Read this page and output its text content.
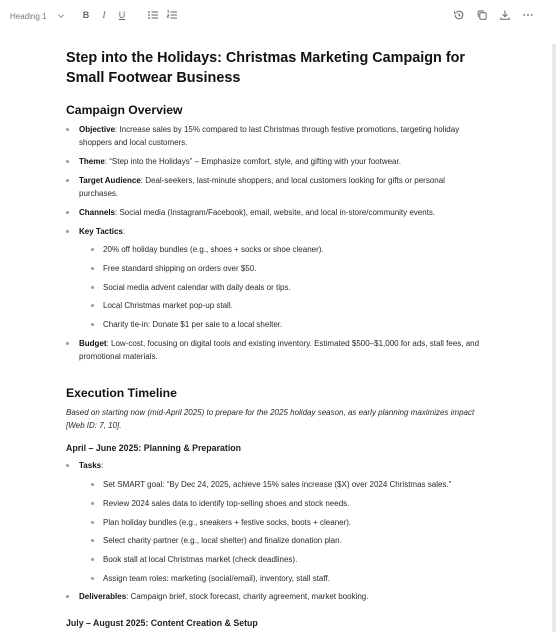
Heading 1	B	I	U
Step into the Holidays: Christmas Marketing Campaign for Small Footwear Business
Campaign Overview
Objective: Increase sales by 15% compared to last Christmas through festive promotions, targeting holiday shoppers and local customers.
Theme: “Step into the Holidays” – Emphasize comfort, style, and gifting with your footwear.
Target Audience: Deal-seekers, last-minute shoppers, and local customers looking for gifts or personal purchases.
Channels: Social media (Instagram/Facebook), email, website, and local in-store/community events.
Key Tactics:
20% off holiday bundles (e.g., shoes + socks or shoe cleaner).
Free standard shipping on orders over $50.
Social media advent calendar with daily deals or tips.
Local Christmas market pop-up stall.
Charity tie-in: Donate $1 per sale to a local shelter.
Budget: Low-cost, focusing on digital tools and existing inventory. Estimated $500–$1,000 for ads, stall fees, and promotional materials.
Execution Timeline

Based on starting now (mid-April 2025) to prepare for the 2025 holiday season, as early planning maximizes impact [Web ID: 7, 10].

April – June 2025: Planning & Preparation
Tasks:
Set SMART goal: “By Dec 24, 2025, achieve 15% sales increase ($X) over 2024 Christmas sales.”
Review 2024 sales data to identify top-selling shoes and stock needs.
Plan holiday bundles (e.g., sneakers + festive socks, boots + cleaner).
Select charity partner (e.g., local shelter) and finalize donation plan.
Book stall at local Christmas market (check deadlines).
Assign team roles: marketing (social/email), inventory, stall staff.
Deliverables: Campaign brief, stock forecast, charity agreement, market booking.
July – August 2025: Content Creation & Setup
